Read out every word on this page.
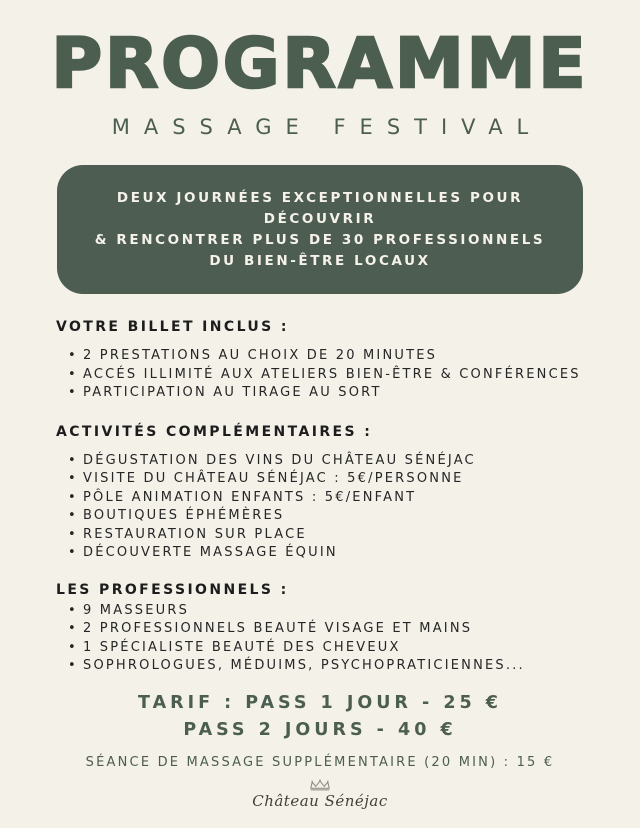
PROGRAMME
MASSAGE FESTIVAL
DEUX JOURNÉES EXCEPTIONNELLES POUR DÉCOUVRIR
& RENCONTRER PLUS DE 30 PROFESSIONNELS
DU BIEN-ÊTRE LOCAUX
VOTRE BILLET INCLUS :
• 2 PRESTATIONS AU CHOIX DE 20 MINUTES
• ACCÉS ILLIMITÉ AUX ATELIERS BIEN-ÊTRE & CONFÉRENCES
• PARTICIPATION AU TIRAGE AU SORT
ACTIVITÉS COMPLÉMENTAIRES :
• DÉGUSTATION DES VINS DU CHÂTEAU SÉNÉJAC
• VISITE DU CHÂTEAU SÉNÉJAC : 5€/PERSONNE
• PÔLE ANIMATION ENFANTS : 5€/ENFANT
• BOUTIQUES ÉPHÉMÈRES
• RESTAURATION SUR PLACE
• DÉCOUVERTE MASSAGE ÉQUIN
LES PROFESSIONNELS :
• 9 MASSEURS
• 2 PROFESSIONNELS BEAUTÉ VISAGE ET MAINS
• 1 SPÉCIALISTE BEAUTÉ DES CHEVEUX
• SOPHROLOGUES, MÉDUIMS, PSYCHOPRATICIENNES...
TARIF : PASS 1 JOUR - 25 €
PASS 2 JOURS - 40 €
SÉANCE DE MASSAGE SUPPLÉMENTAIRE (20 MIN) : 15 €
Château Sénéjac
